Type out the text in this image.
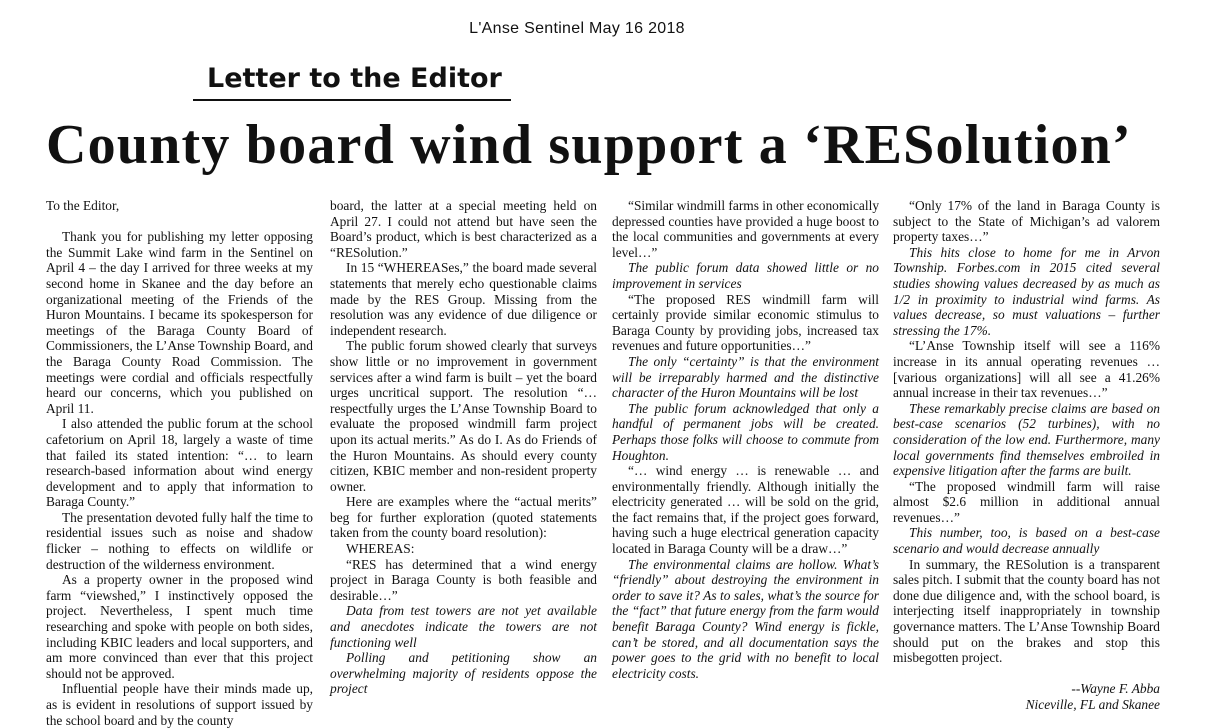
L'Anse Sentinel May 16 2018
Letter to the Editor
County board wind support a ‘RESolution’

To the Editor,

Thank you for publishing my letter opposing the Summit Lake wind farm in the Sentinel on April 4 – the day I arrived for three weeks at my second home in Skanee and the day before an organizational meeting of the Friends of the Huron Mountains. I became its spokesperson for meetings of the Baraga County Board of Commissioners, the L’Anse Township Board, and the Baraga County Road Commission. The meetings were cordial and officials respectfully heard our concerns, which you published on April 11.

I also attended the public forum at the school cafetorium on April 18, largely a waste of time that failed its stated intention: “… to learn research-based information about wind energy development and to apply that information to Baraga County.”

The presentation devoted fully half the time to residential issues such as noise and shadow flicker – nothing to effects on wildlife or destruction of the wilderness environment.

As a property owner in the proposed wind farm “viewshed,” I instinctively opposed the project. Nevertheless, I spent much time researching and spoke with people on both sides, including KBIC leaders and local supporters, and am more convinced than ever that this project should not be approved.

Influential people have their minds made up, as is evident in resolutions of support issued by the school board and by the county

board, the latter at a special meeting held on April 27. I could not attend but have seen the Board’s product, which is best characterized as a “RESolution.”

In 15 “WHEREASes,” the board made several statements that merely echo questionable claims made by the RES Group. Missing from the resolution was any evidence of due diligence or independent research.

The public forum showed clearly that surveys show little or no improvement in government services after a wind farm is built – yet the board urges uncritical support. The resolution “… respectfully urges the L’Anse Township Board to evaluate the proposed windmill farm project upon its actual merits.” As do I. As do Friends of the Huron Mountains. As should every county citizen, KBIC member and non-resident property owner.

Here are examples where the “actual merits” beg for further exploration (quoted statements taken from the county board resolution):

WHEREAS:

“RES has determined that a wind energy project in Baraga County is both feasible and desirable…”

Data from test towers are not yet available and anecdotes indicate the towers are not functioning well

Polling and petitioning show an overwhelming majority of residents oppose the project

“Similar windmill farms in other economically depressed counties have provided a huge boost to the local communities and governments at every level…”

The public forum data showed little or no improvement in services

“The proposed RES windmill farm will certainly provide similar economic stimulus to Baraga County by providing jobs, increased tax revenues and future opportunities…”

The only “certainty” is that the environment will be irreparably harmed and the distinctive character of the Huron Mountains will be lost

The public forum acknowledged that only a handful of permanent jobs will be created. Perhaps those folks will choose to commute from Houghton.

“… wind energy … is renewable … and environmentally friendly. Although initially the electricity generated … will be sold on the grid, the fact remains that, if the project goes forward, having such a huge electrical generation capacity located in Baraga County will be a draw…”

The environmental claims are hollow. What’s “friendly” about destroying the environment in order to save it? As to sales, what’s the source for the “fact” that future energy from the farm would benefit Baraga County? Wind energy is fickle, can’t be stored, and all documentation says the power goes to the grid with no benefit to local electricity costs.

“Only 17% of the land in Baraga County is subject to the State of Michigan’s ad valorem property taxes…”

This hits close to home for me in Arvon Township. Forbes.com in 2015 cited several studies showing values decreased by as much as 1/2 in proximity to industrial wind farms. As values decrease, so must valuations – further stressing the 17%.

“L’Anse Township itself will see a 116% increase in its annual operating revenues … [various organizations] will all see a 41.26% annual increase in their tax revenues…”

These remarkably precise claims are based on best-case scenarios (52 turbines), with no consideration of the low end. Furthermore, many local governments find themselves embroiled in expensive litigation after the farms are built.

“The proposed windmill farm will raise almost $2.6 million in additional annual revenues…”

This number, too, is based on a best-case scenario and would decrease annually

In summary, the RESolution is a transparent sales pitch. I submit that the county board has not done due diligence and, with the school board, is interjecting itself inappropriately in township governance matters. The L’Anse Township Board should put on the brakes and stop this misbegotten project.

--Wayne F. Abba

Niceville, FL and Skanee
